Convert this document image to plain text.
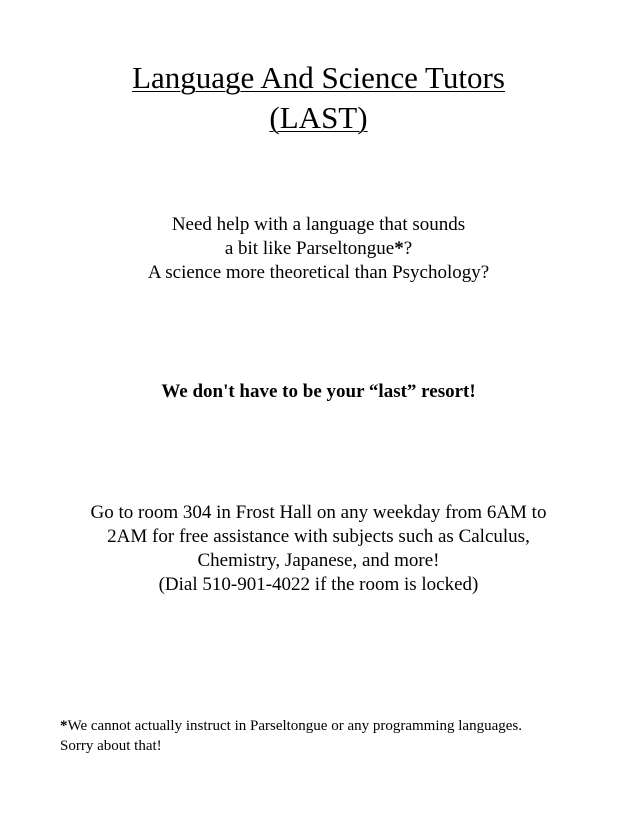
Language And Science Tutors
(LAST)
Need help with a language that sounds
a bit like Parseltongue*?
A science more theoretical than Psychology?
We don't have to be your “last” resort!
Go to room 304 in Frost Hall on any weekday from 6AM to
2AM for free assistance with subjects such as Calculus,
Chemistry, Japanese, and more!
(Dial 510-901-4022 if the room is locked)
*We cannot actually instruct in Parseltongue or any programming languages.
Sorry about that!
